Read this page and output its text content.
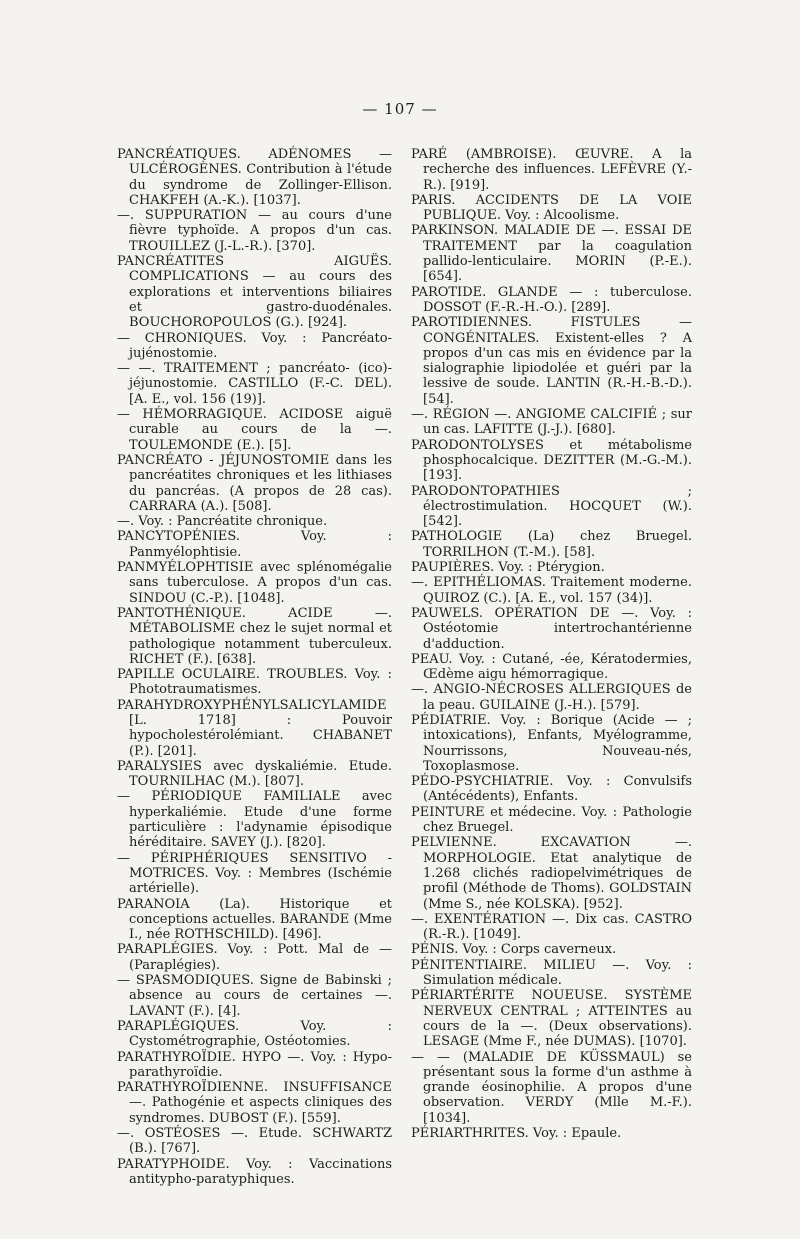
— 107 —

PANCRÉATIQUES. ADÉNOMES — ULCÉROGÈNES. Contribution à l'étude du syndrome de Zollinger-Ellison. CHAKFEH (A.-K.). [1037].

—. SUPPURATION — au cours d'une fièvre typhoïde. A propos d'un cas. TROUILLEZ (J.-L.-R.). [370].

PANCRÉATITES AIGUËS. COMPLICATIONS — au cours des explorations et interventions biliaires et gastro-duodénales. BOUCHOROPOULOS (G.). [924].

— CHRONIQUES. Voy. : Pancréato-jujénostomie.

— —. TRAITEMENT ; pancréato- (ico)- jéjunostomie. CASTILLO (F.-C. DEL). [A. E., vol. 156 (19)].

— HÉMORRAGIQUE. ACIDOSE aiguë curable au cours de la —. TOULEMONDE (E.). [5].

PANCRÉATO - JÉJUNOSTOMIE dans les pancréatites chroniques et les lithiases du pancréas. (A propos de 28 cas). CARRARA (A.). [508].

—. Voy. : Pancréatite chronique.

PANCYTOPÉNIES. Voy. : Panmyélophtisie.

PANMYÉLOPHTISIE avec splénomégalie sans tuberculose. A propos d'un cas. SINDOU (C.-P.). [1048].

PANTOTHÉNIQUE. ACIDE —. MÉTABOLISME chez le sujet normal et pathologique notamment tuberculeux. RICHET (F.). [638].

PAPILLE OCULAIRE. TROUBLES. Voy. : Phototraumatismes.

PARAHYDROXYPHÉNYLSALICYLAMIDE [L. 1718] : Pouvoir hypocholestérolémiant. CHABANET (P.). [201].

PARALYSIES avec dyskaliémie. Etude. TOURNILHAC (M.). [807].

— PÉRIODIQUE FAMILIALE avec hyperkaliémie. Etude d'une forme particulière : l'adynamie épisodique héréditaire. SAVEY (J.). [820].

— PÉRIPHÉRIQUES SENSITIVO - MOTRICES. Voy. : Membres (Ischémie artérielle).

PARANOIA (La). Historique et conceptions actuelles. BARANDE (Mme I., née ROTHSCHILD). [496].

PARAPLÉGIES. Voy. : Pott. Mal de — (Paraplégies).

— SPASMODIQUES. Signe de Babinski ; absence au cours de certaines —. LAVANT (F.). [4].

PARAPLÉGIQUES. Voy. : Cystométrographie, Ostéotomies.

PARATHYROÏDIE. HYPO —. Voy. : Hypo-parathyroïdie.

PARATHYROÏDIENNE. INSUFFISANCE —. Pathogénie et aspects cliniques des syndromes. DUBOST (F.). [559].

—. OSTÉOSES —. Etude. SCHWARTZ (B.). [767].

PARATYPHOIDE. Voy. : Vaccinations antitypho-paratyphiques.

PARÉ (AMBROISE). ŒUVRE. A la recherche des influences. LEFÈVRE (Y.-R.). [919].

PARIS. ACCIDENTS DE LA VOIE PUBLIQUE. Voy. : Alcoolisme.

PARKINSON. MALADIE DE —. ESSAI DE TRAITEMENT par la coagulation pallido-lenticulaire. MORIN (P.-E.). [654].

PAROTIDE. GLANDE — : tuberculose. DOSSOT (F.-R.-H.-O.). [289].

PAROTIDIENNES. FISTULES — CONGÉNITALES. Existent-elles ? A propos d'un cas mis en évidence par la sialographie lipiodolée et guéri par la lessive de soude. LANTIN (R.-H.-B.-D.). [54].

—. RÉGION —. ANGIOME CALCIFIÉ ; sur un cas. LAFITTE (J.-J.). [680].

PARODONTOLYSES et métabolisme phosphocalcique. DEZITTER (M.-G.-M.). [193].

PARODONTOPATHIES ; électrostimulation. HOCQUET (W.). [542].

PATHOLOGIE (La) chez Bruegel. TORRILHON (T.-M.). [58].

PAUPIÈRES. Voy. : Ptérygion.

—. EPITHÉLIOMAS. Traitement moderne. QUIROZ (C.). [A. E., vol. 157 (34)].

PAUWELS. OPÉRATION DE —. Voy. : Ostéotomie intertrochantérienne d'adduction.

PEAU. Voy. : Cutané, -ée, Kératodermies, Œdème aigu hémorragique.

—. ANGIO-NÉCROSES ALLERGIQUES de la peau. GUILAINE (J.-H.). [579].

PÉDIATRIE. Voy. : Borique (Acide — ; intoxications), Enfants, Myélogramme, Nourrissons, Nouveau-nés, Toxoplasmose.

PÉDO-PSYCHIATRIE. Voy. : Convulsifs (Antécédents), Enfants.

PEINTURE et médecine. Voy. : Pathologie chez Bruegel.

PELVIENNE. EXCAVATION —. MORPHOLOGIE. Etat analytique de 1.268 clichés radiopelvimétriques de profil (Méthode de Thoms). GOLDSTAIN (Mme S., née KOLSKA). [952].

—. EXENTÉRATION —. Dix cas. CASTRO (R.-R.). [1049].

PÉNIS. Voy. : Corps caverneux.

PÉNITENTIAIRE. MILIEU —. Voy. : Simulation médicale.

PÉRIARTÉRITE NOUEUSE. SYSTÈME NERVEUX CENTRAL ; ATTEINTES au cours de la —. (Deux observations). LESAGE (Mme F., née DUMAS). [1070].

— — (MALADIE DE KÜSSMAUL) se présentant sous la forme d'un asthme à grande éosinophilie. A propos d'une observation. VERDY (Mlle M.-F.). [1034].

PÉRIARTHRITES. Voy. : Epaule.
